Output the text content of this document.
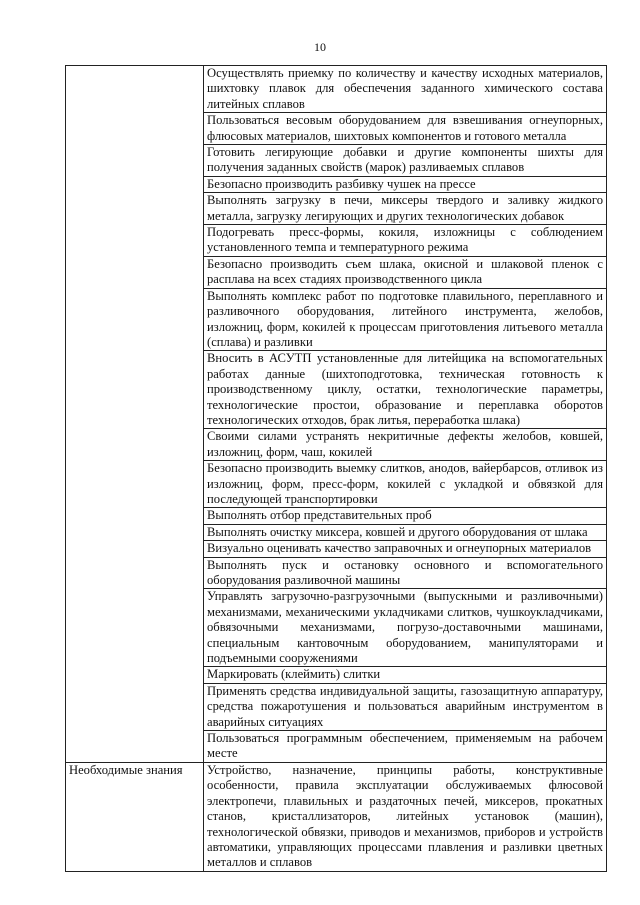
10
	Осуществлять приемку по количеству и качеству исходных материалов, шихтовку плавок для обеспечения заданного химического состава литейных сплавов
	Пользоваться весовым оборудованием для взвешивания огнеупорных, флюсовых материалов, шихтовых компонентов и готового металла
	Готовить легирующие добавки и другие компоненты шихты для получения заданных свойств (марок) разливаемых сплавов
	Безопасно производить разбивку чушек на прессе
	Выполнять загрузку в печи, миксеры твердого и заливку жидкого металла, загрузку легирующих и других технологических добавок
	Подогревать пресс-формы, кокиля, изложницы с соблюдением установленного темпа и температурного режима
	Безопасно производить съем шлака, окисной и шлаковой пленок с расплава на всех стадиях производственного цикла
	Выполнять комплекс работ по подготовке плавильного, переплавного и разливочного оборудования, литейного инструмента, желобов, изложниц, форм, кокилей к процессам приготовления литьевого металла (сплава) и разливки
	Вносить в АСУТП установленные для литейщика на вспомогательных работах данные (шихтоподготовка, техническая готовность к производственному циклу, остатки, технологические параметры, технологические простои, образование и переплавка оборотов технологических отходов, брак литья, переработка шлака)
	Своими силами устранять некритичные дефекты желобов, ковшей, изложниц, форм, чаш, кокилей
	Безопасно производить выемку слитков, анодов, вайербарсов, отливок из изложниц, форм, пресс-форм, кокилей с укладкой и обвязкой для последующей транспортировки
	Выполнять отбор представительных проб
	Выполнять очистку миксера, ковшей и другого оборудования от шлака
	Визуально оценивать качество заправочных и огнеупорных материалов
	Выполнять пуск и остановку основного и вспомогательного оборудования разливочной машины
	Управлять загрузочно-разгрузочными (выпускными и разливочными) механизмами, механическими укладчиками слитков, чушкоукладчиками, обвязочными механизмами, погрузо-доставочными машинами, специальным кантовочным оборудованием, манипуляторами и подъемными сооружениями
	Маркировать (клеймить) слитки
	Применять средства индивидуальной защиты, газозащитную аппаратуру, средства пожаротушения и пользоваться аварийным инструментом в аварийных ситуациях
	Пользоваться программным обеспечением, применяемым на рабочем месте
Необходимые знания	Устройство, назначение, принципы работы, конструктивные особенности, правила эксплуатации обслуживаемых флюсовой электропечи, плавильных и раздаточных печей, миксеров, прокатных станов, кристаллизаторов, литейных установок (машин), технологической обвязки, приводов и механизмов, приборов и устройств автоматики, управляющих процессами плавления и разливки цветных металлов и сплавов
